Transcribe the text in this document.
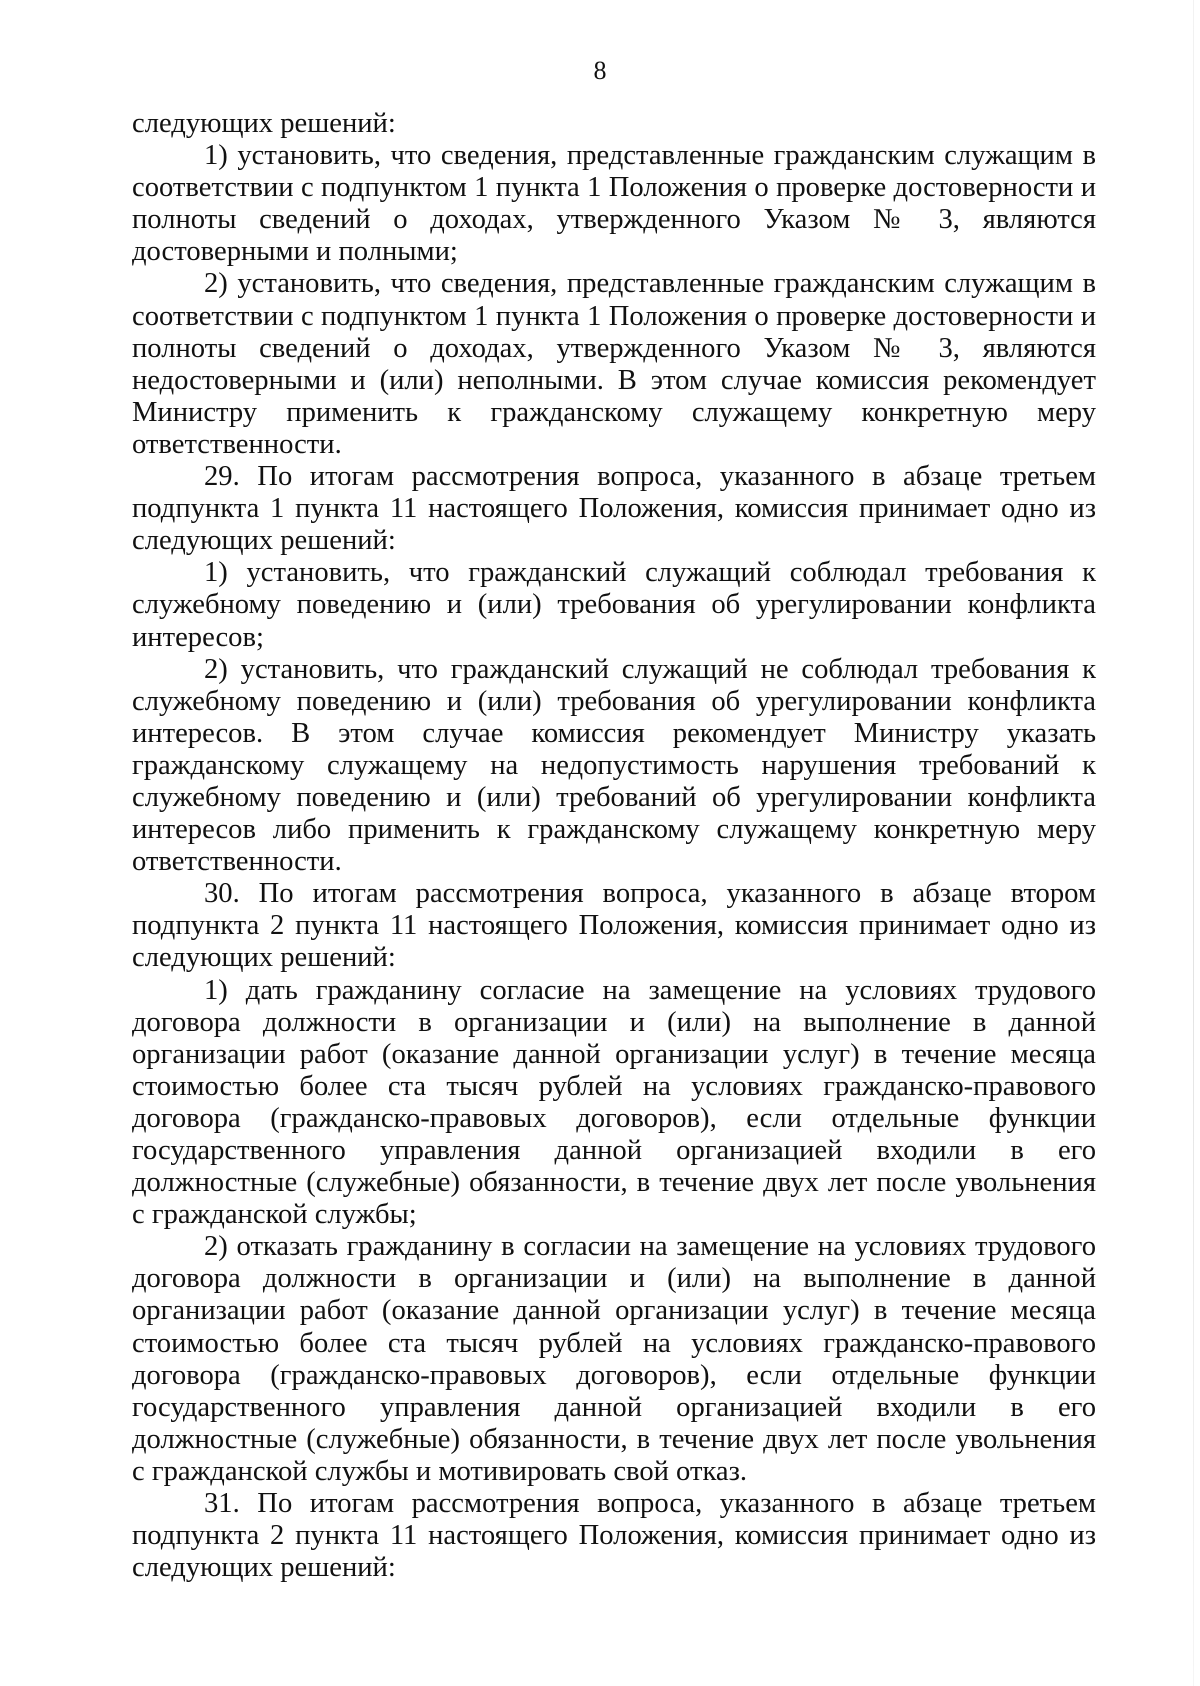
8

следующих решений:

1) установить, что сведения, представленные гражданским служащим в соответствии с подпунктом 1 пункта 1 Положения о проверке достоверности и полноты сведений о доходах, утвержденного Указом № 3, являются достоверными и полными;

2) установить, что сведения, представленные гражданским служащим в соответствии с подпунктом 1 пункта 1 Положения о проверке достоверности и полноты сведений о доходах, утвержденного Указом № 3, являются недостоверными и (или) неполными. В этом случае комиссия рекомендует Министру применить к гражданскому служащему конкретную меру ответственности.

29. По итогам рассмотрения вопроса, указанного в абзаце третьем подпункта 1 пункта 11 настоящего Положения, комиссия принимает одно из следующих решений:

1) установить, что гражданский служащий соблюдал требования к служебному поведению и (или) требования об урегулировании конфликта интересов;

2) установить, что гражданский служащий не соблюдал требования к служебному поведению и (или) требования об урегулировании конфликта интересов. В этом случае комиссия рекомендует Министру указать гражданскому служащему на недопустимость нарушения требований к служебному поведению и (или) требований об урегулировании конфликта интересов либо применить к гражданскому служащему конкретную меру ответственности.

30. По итогам рассмотрения вопроса, указанного в абзаце втором подпункта 2 пункта 11 настоящего Положения, комиссия принимает одно из следующих решений:

1) дать гражданину согласие на замещение на условиях трудового договора должности в организации и (или) на выполнение в данной организации работ (оказание данной организации услуг) в течение месяца стоимостью более ста тысяч рублей на условиях гражданско-правового договора (гражданско-правовых договоров), если отдельные функции государственного управления данной организацией входили в его должностные (служебные) обязанности, в течение двух лет после увольнения с гражданской службы;

2) отказать гражданину в согласии на замещение на условиях трудового договора должности в организации и (или) на выполнение в данной организации работ (оказание данной организации услуг) в течение месяца стоимостью более ста тысяч рублей на условиях гражданско-правового договора (гражданско-правовых договоров), если отдельные функции государственного управления данной организацией входили в его должностные (служебные) обязанности, в течение двух лет после увольнения с гражданской службы и мотивировать свой отказ.

31. По итогам рассмотрения вопроса, указанного в абзаце третьем подпункта 2 пункта 11 настоящего Положения, комиссия принимает одно из следующих решений:
